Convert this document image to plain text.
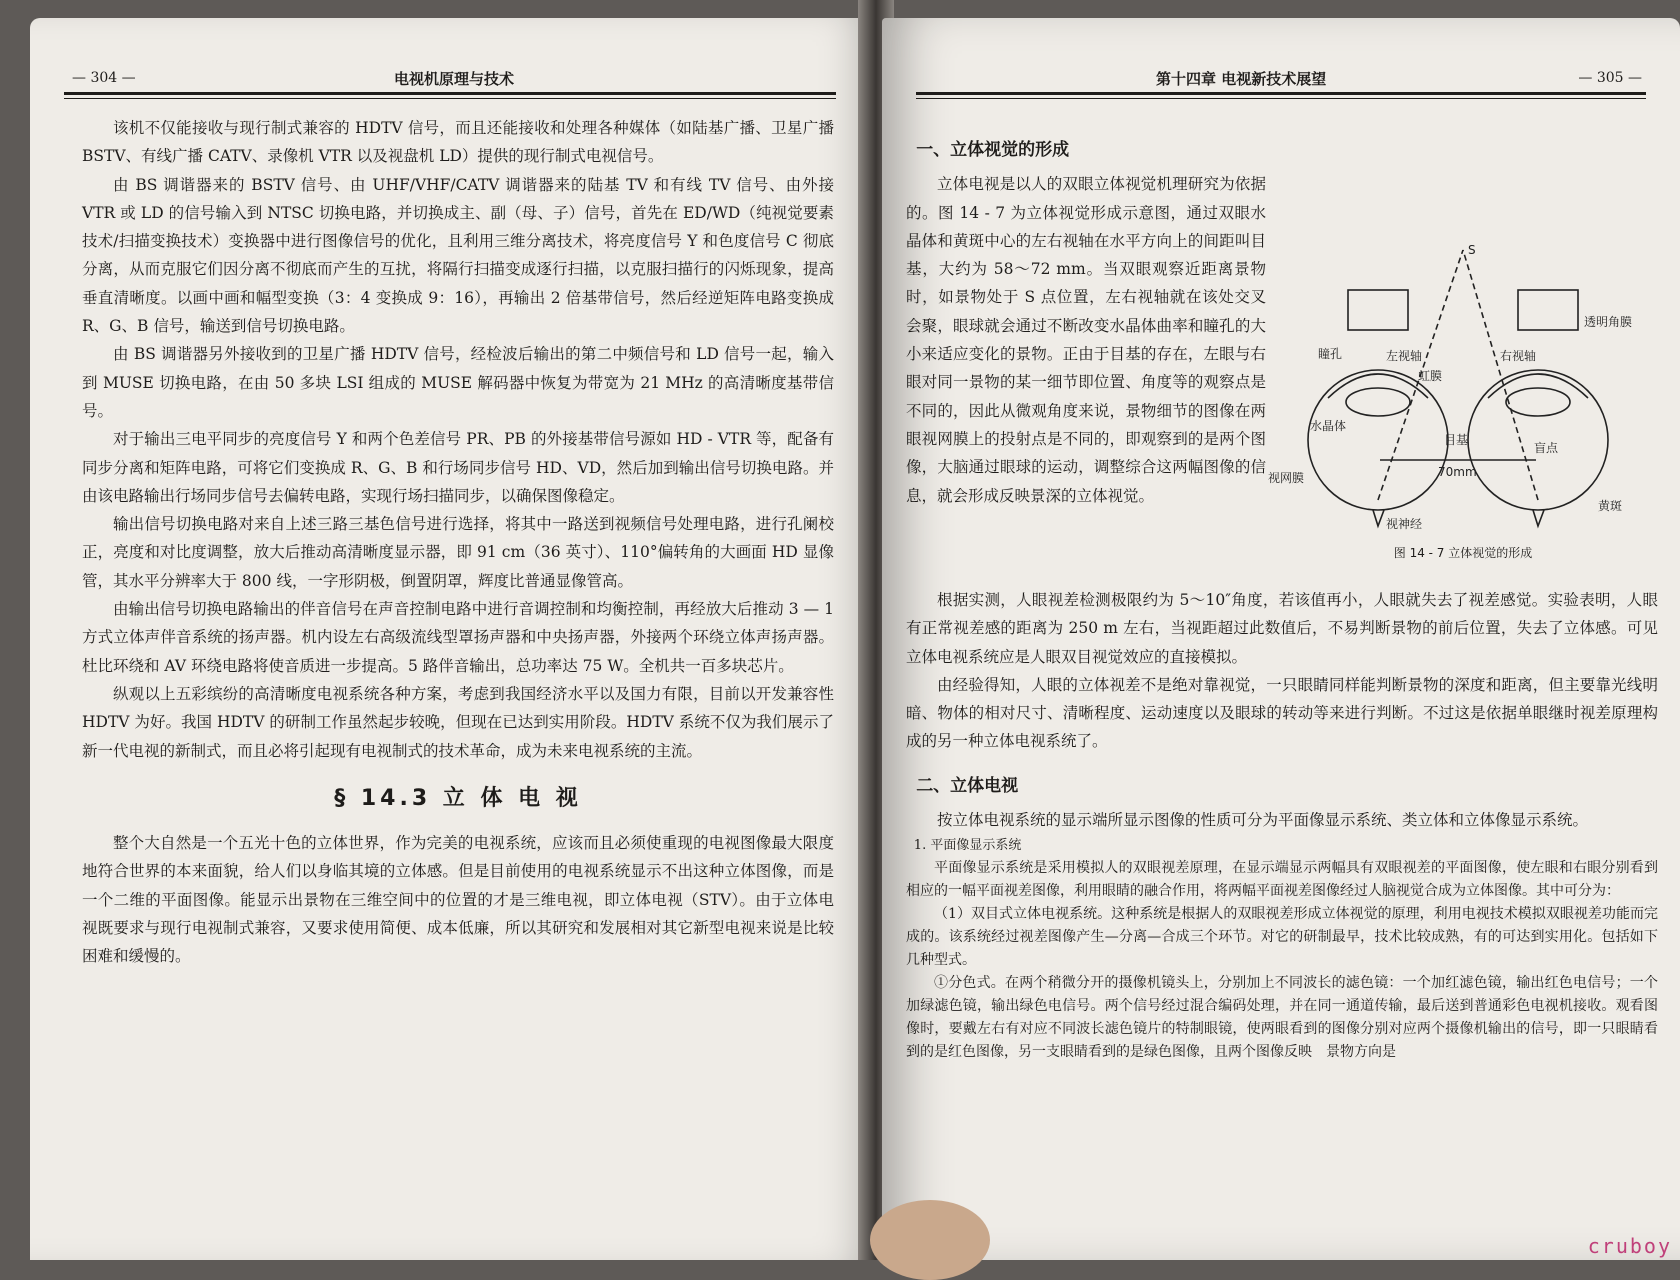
— 304 —	电视机原理与技术

该机不仅能接收与现行制式兼容的 HDTV 信号，而且还能接收和处理各种媒体（如陆基广播、卫星广播 BSTV、有线广播 CATV、录像机 VTR 以及视盘机 LD）提供的现行制式电视信号。

由 BS 调谐器来的 BSTV 信号、由 UHF/VHF/CATV 调谐器来的陆基 TV 和有线 TV 信号、由外接 VTR 或 LD 的信号输入到 NTSC 切换电路，并切换成主、副（母、子）信号，首先在 ED/WD（纯视觉要素技术/扫描变换技术）变换器中进行图像信号的优化，且利用三维分离技术，将亮度信号 Y 和色度信号 C 彻底分离，从而克服它们因分离不彻底而产生的互扰，将隔行扫描变成逐行扫描，以克服扫描行的闪烁现象，提高垂直清晰度。以画中画和幅型变换（3：4 变换成 9：16），再输出 2 倍基带信号，然后经逆矩阵电路变换成 R、G、B 信号，输送到信号切换电路。

由 BS 调谐器另外接收到的卫星广播 HDTV 信号，经检波后输出的第二中频信号和 LD 信号一起，输入到 MUSE 切换电路，在由 50 多块 LSI 组成的 MUSE 解码器中恢复为带宽为 21 MHz 的高清晰度基带信号。

对于输出三电平同步的亮度信号 Y 和两个色差信号 PR、PB 的外接基带信号源如 HD - VTR 等，配备有同步分离和矩阵电路，可将它们变换成 R、G、B 和行场同步信号 HD、VD，然后加到输出信号切换电路。并由该电路输出行场同步信号去偏转电路，实现行场扫描同步，以确保图像稳定。

输出信号切换电路对来自上述三路三基色信号进行选择，将其中一路送到视频信号处理电路，进行孔阑校正，亮度和对比度调整，放大后推动高清晰度显示器，即 91 cm（36 英寸）、110°偏转角的大画面 HD 显像管，其水平分辨率大于 800 线，一字形阴极，倒置阴罩，辉度比普通显像管高。

由输出信号切换电路输出的伴音信号在声音控制电路中进行音调控制和均衡控制，再经放大后推动 3 — 1 方式立体声伴音系统的扬声器。机内设左右高级流线型罩扬声器和中央扬声器，外接两个环绕立体声扬声器。杜比环绕和 AV 环绕电路将使音质进一步提高。5 路伴音输出，总功率达 75 W。全机共一百多块芯片。

纵观以上五彩缤纷的高清晰度电视系统各种方案，考虑到我国经济水平以及国力有限，目前以开发兼容性 HDTV 为好。我国 HDTV 的研制工作虽然起步较晚，但现在已达到实用阶段。HDTV 系统不仅为我们展示了新一代电视的新制式，而且必将引起现有电视制式的技术革命，成为未来电视系统的主流。

§ 14.3 立 体 电 视

整个大自然是一个五光十色的立体世界，作为完美的电视系统，应该而且必须使重现的电视图像最大限度地符合世界的本来面貌，给人们以身临其境的立体感。但是目前使用的电视系统显示不出这种立体图像，而是一个二维的平面图像。能显示出景物在三维空间中的位置的才是三维电视，即立体电视（STV）。由于立体电视既要求与现行电视制式兼容，又要求使用简便、成本低廉，所以其研究和发展相对其它新型电视来说是比较困难和缓慢的。

第十四章 电视新技术展望	— 305 —

一、立体视觉的形成

立体电视是以人的双眼立体视觉机理研究为依据的。图 14 - 7 为立体视觉形成示意图，通过双眼水晶体和黄斑中心的左右视轴在水平方向上的间距叫目基，大约为 58～72 mm。当双眼观察近距离景物时，如景物处于 S 点位置，左右视轴就在该处交叉会聚，眼球就会通过不断改变水晶体曲率和瞳孔的大小来适应变化的景物。正由于目基的存在，左眼与右眼对同一景物的某一细节即位置、角度等的观察点是不同的，因此从微观角度来说，景物细节的图像在两眼视网膜上的投射点是不同的，即观察到的是两个图像，大脑通过眼球的运动，调整综合这两幅图像的信息，就会形成反映景深的立体视觉。

S
左视轴	右视轴
瞳孔
虹膜
透明角膜
水晶体
目基
70mm
盲点
视网膜
视神经
黄斑
图 14 - 7 立体视觉的形成

根据实测，人眼视差检测极限约为 5～10″角度，若该值再小，人眼就失去了视差感觉。实验表明，人眼有正常视差感的距离为 250 m 左右，当视距超过此数值后，不易判断景物的前后位置，失去了立体感。可见立体电视系统应是人眼双目视觉效应的直接模拟。

由经验得知，人眼的立体视差不是绝对靠视觉，一只眼睛同样能判断景物的深度和距离，但主要靠光线明暗、物体的相对尺寸、清晰程度、运动速度以及眼球的转动等来进行判断。不过这是依据单眼继时视差原理构成的另一种立体电视系统了。

二、立体电视

按立体电视系统的显示端所显示图像的性质可分为平面像显示系统、类立体和立体像显示系统。

1. 平面像显示系统

平面像显示系统是采用模拟人的双眼视差原理，在显示端显示两幅具有双眼视差的平面图像，使左眼和右眼分别看到相应的一幅平面视差图像，利用眼睛的融合作用，将两幅平面视差图像经过人脑视觉合成为立体图像。其中可分为：

（1）双目式立体电视系统。这种系统是根据人的双眼视差形成立体视觉的原理，利用电视技术模拟双眼视差功能而完成的。该系统经过视差图像产生—分离—合成三个环节。对它的研制最早，技术比较成熟，有的可达到实用化。包括如下几种型式。

①分色式。在两个稍微分开的摄像机镜头上，分别加上不同波长的滤色镜：一个加红滤色镜，输出红色电信号；一个加绿滤色镜，输出绿色电信号。两个信号经过混合编码处理，并在同一通道传输，最后送到普通彩色电视机接收。观看图像时，要戴左右有对应不同波长滤色镜片的特制眼镜，使两眼看到的图像分别对应两个摄像机输出的信号，即一只眼睛看到的是红色图像，另一支眼睛看到的是绿色图像，且两个图像反映　景物方向是

cruboy
